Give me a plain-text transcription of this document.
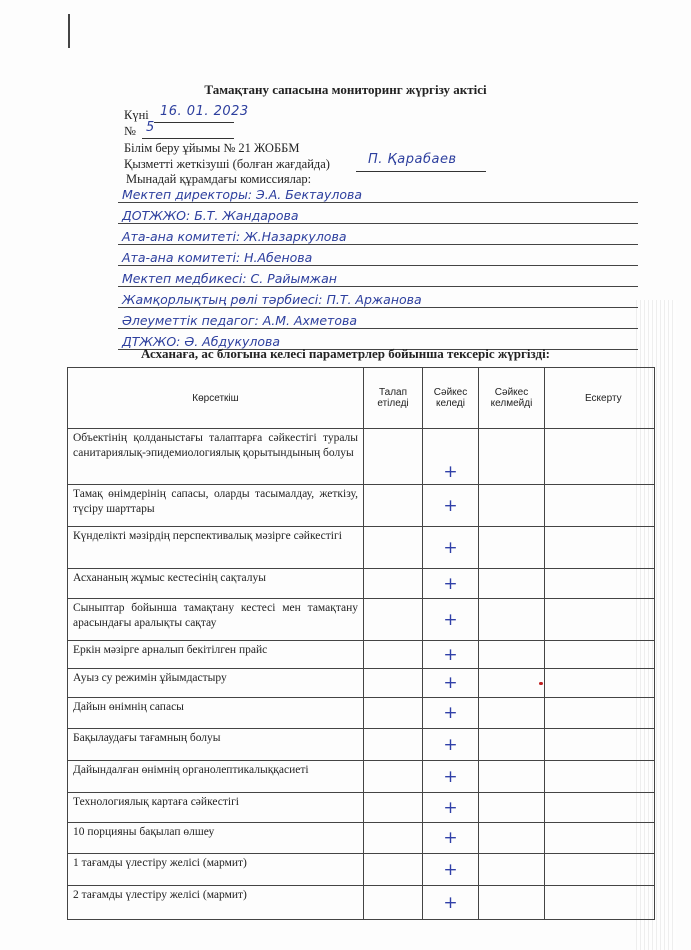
Тамақтану сапасына мониторинг жүргізу актісі
Күні 16. 01. 2023
№ 5
Білім беру ұйымы № 21 ЖОББМ
Қызметті жеткізуші (болған жағдайда)	П. Қарабаев
Мынадай құрамдағы комиссиялар:
Мектеп директоры: Э.А. Бектаулова
ДОТЖЖО: Б.Т. Жандарова
Ата-ана комитеті: Ж.Назаркулова
Ата-ана комитеті: Н.Абенова
Мектеп медбикесі: С. Райымжан
Жамқорлықтың рөлі тәрбиесі: П.Т. Аржанова
Әлеуметтік педагог: А.М. Ахметова
ДТЖЖО: Ә. Абдукулова
Асханаға, ас блогына келесі параметрлер бойынша тексеріс жүргізді:
Көрсеткіш	Талап етіледі	Сәйкес келеді	Сәйкес келмейді	Ескерту
Объектінің қолданыстағы талаптарға сәйкестігі туралы санитариялық-эпидемиологиялық қорытындының болуы		+		

Тамақ өнімдерінің сапасы, оларды тасымалдау, жеткізу, түсіру шарттары		+		

Күнделікті мәзірдің перспективалық мәзірге сәйкестігі		+		

Асхананың жұмыс кестесінің сақталуы		+		

Сыныптар бойынша тамақтану кестесі мен тамақтану арасындағы аралықты сақтау		+		

Еркін мәзірге арналып бекітілген прайс		+		

Ауыз су режимін ұйымдастыру		+		

Дайын өнімнің сапасы		+		

Бақылаудағы тағамның болуы		+		

Дайындалған өнімнің органолептикалыққасиеті		+		

Технологиялық картаға сәйкестігі		+		

10 порцияны бақылап өлшеу		+		

1 тағамды үлестіру желісі (мармит)		+		

2 тағамды үлестіру желісі (мармит)		+		
